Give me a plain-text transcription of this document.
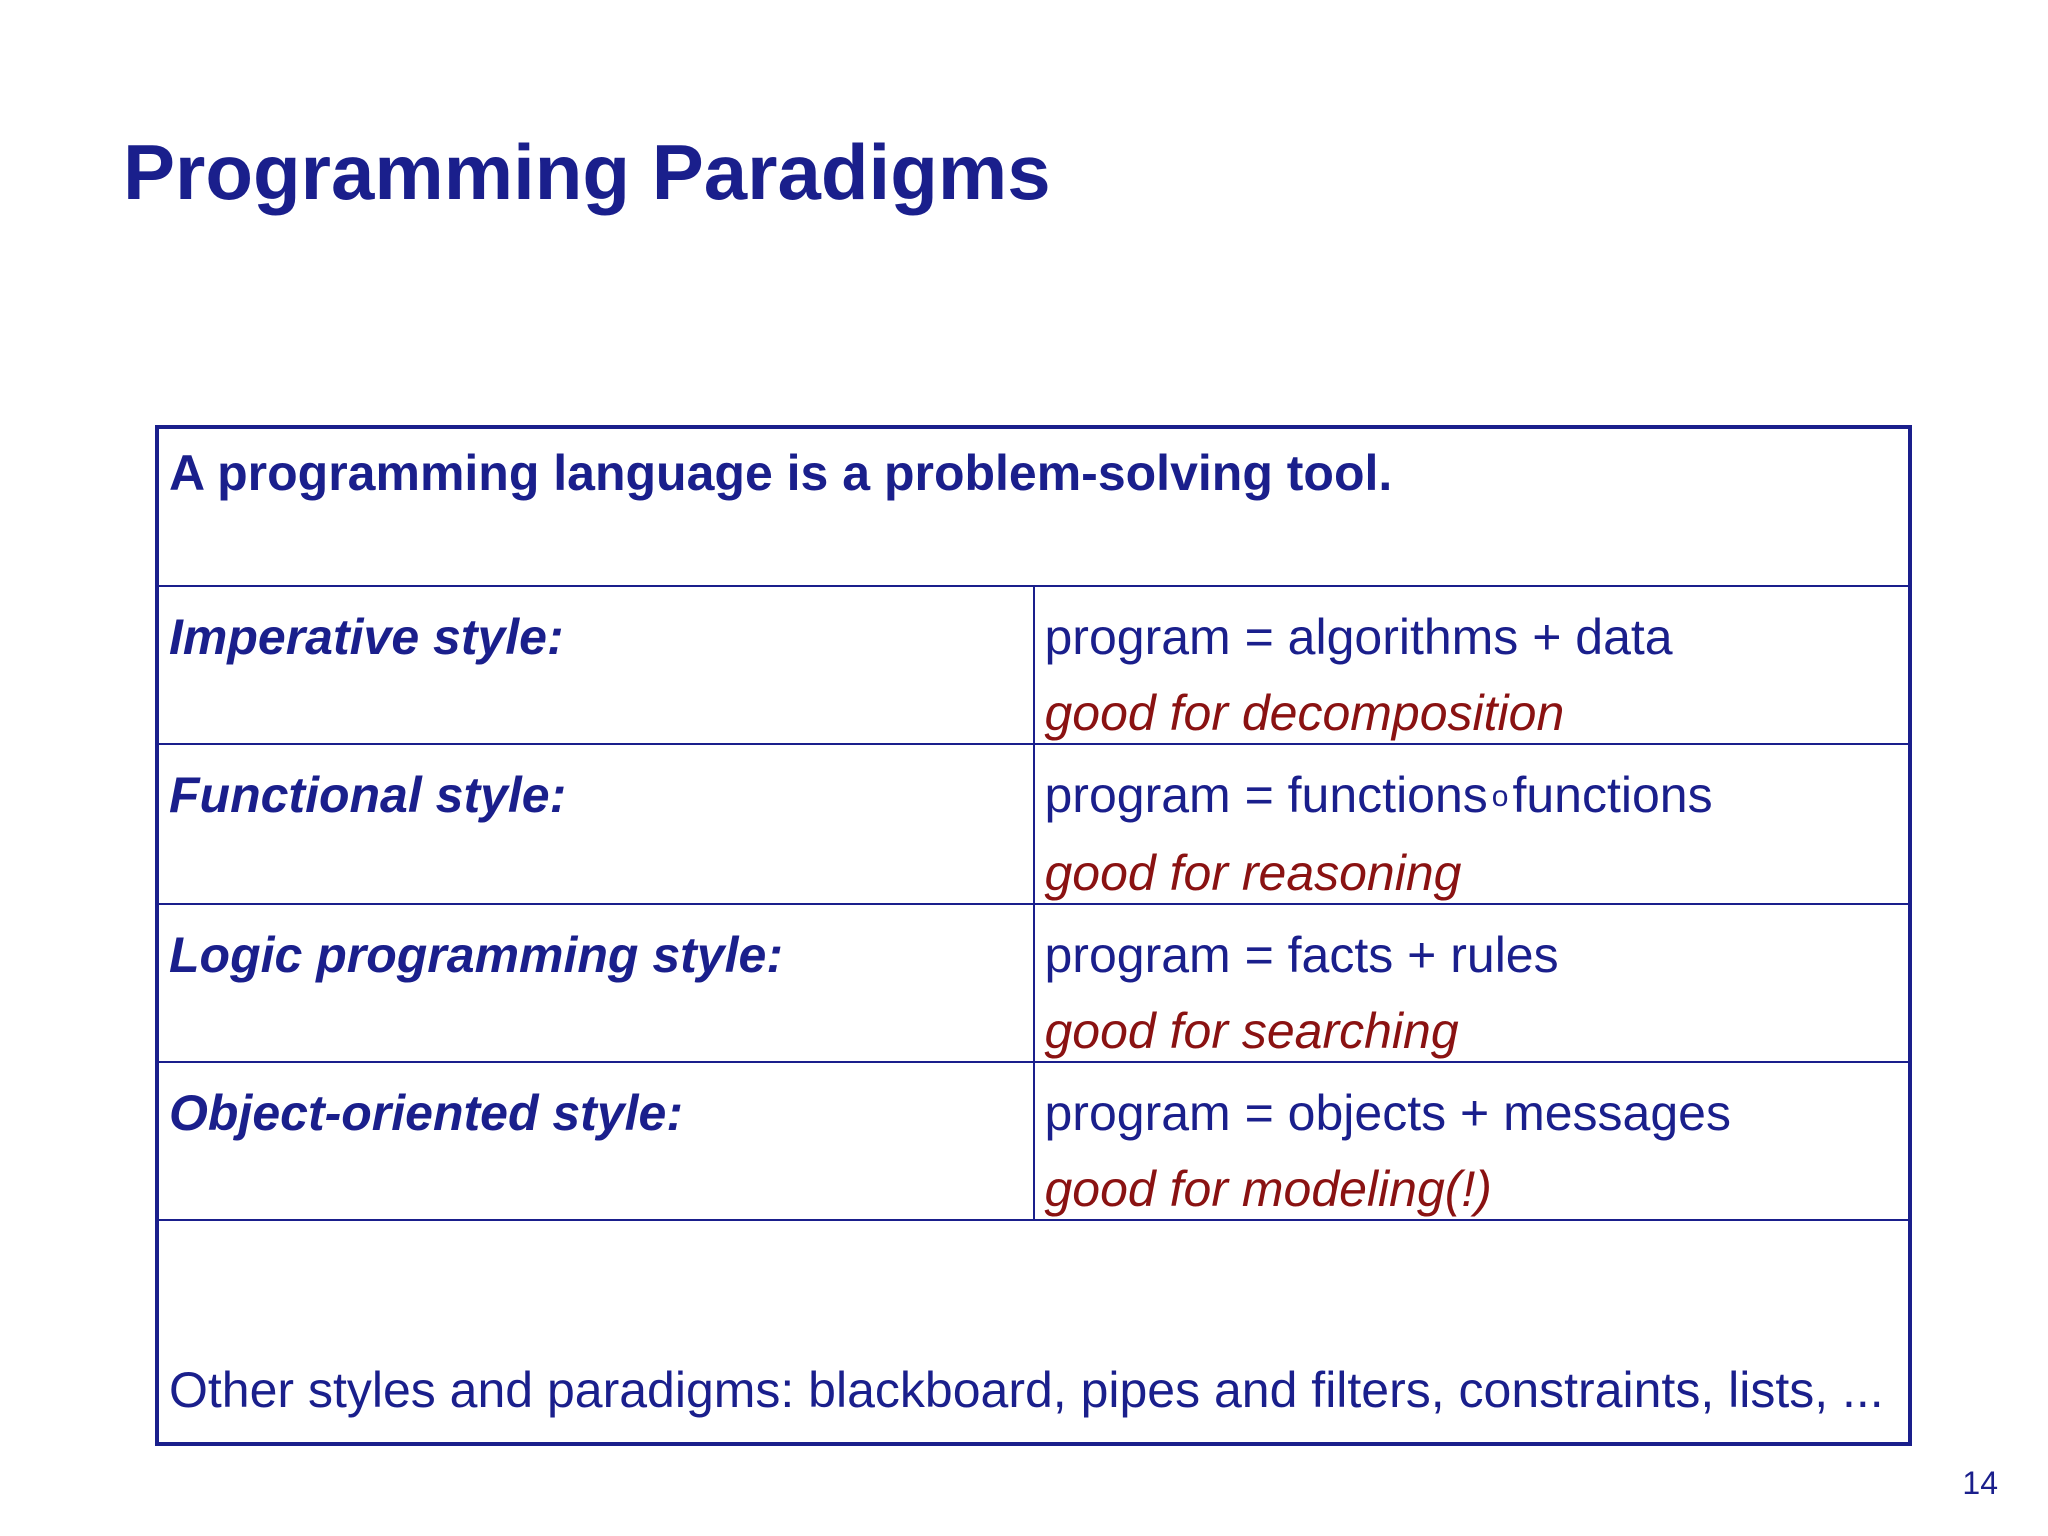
Programming Paradigms
A programming language is a problem-solving tool.	
Imperative style:	program = algorithms + data
good for decomposition

Functional style:	program = functions ofunctions
good for reasoning

Logic programming style:	program = facts + rules
good for searching

Object-oriented style:	program = objects + messages
good for modeling(!)

Other styles and paradigms: blackboard, pipes and filters, constraints, lists, ...	
14
